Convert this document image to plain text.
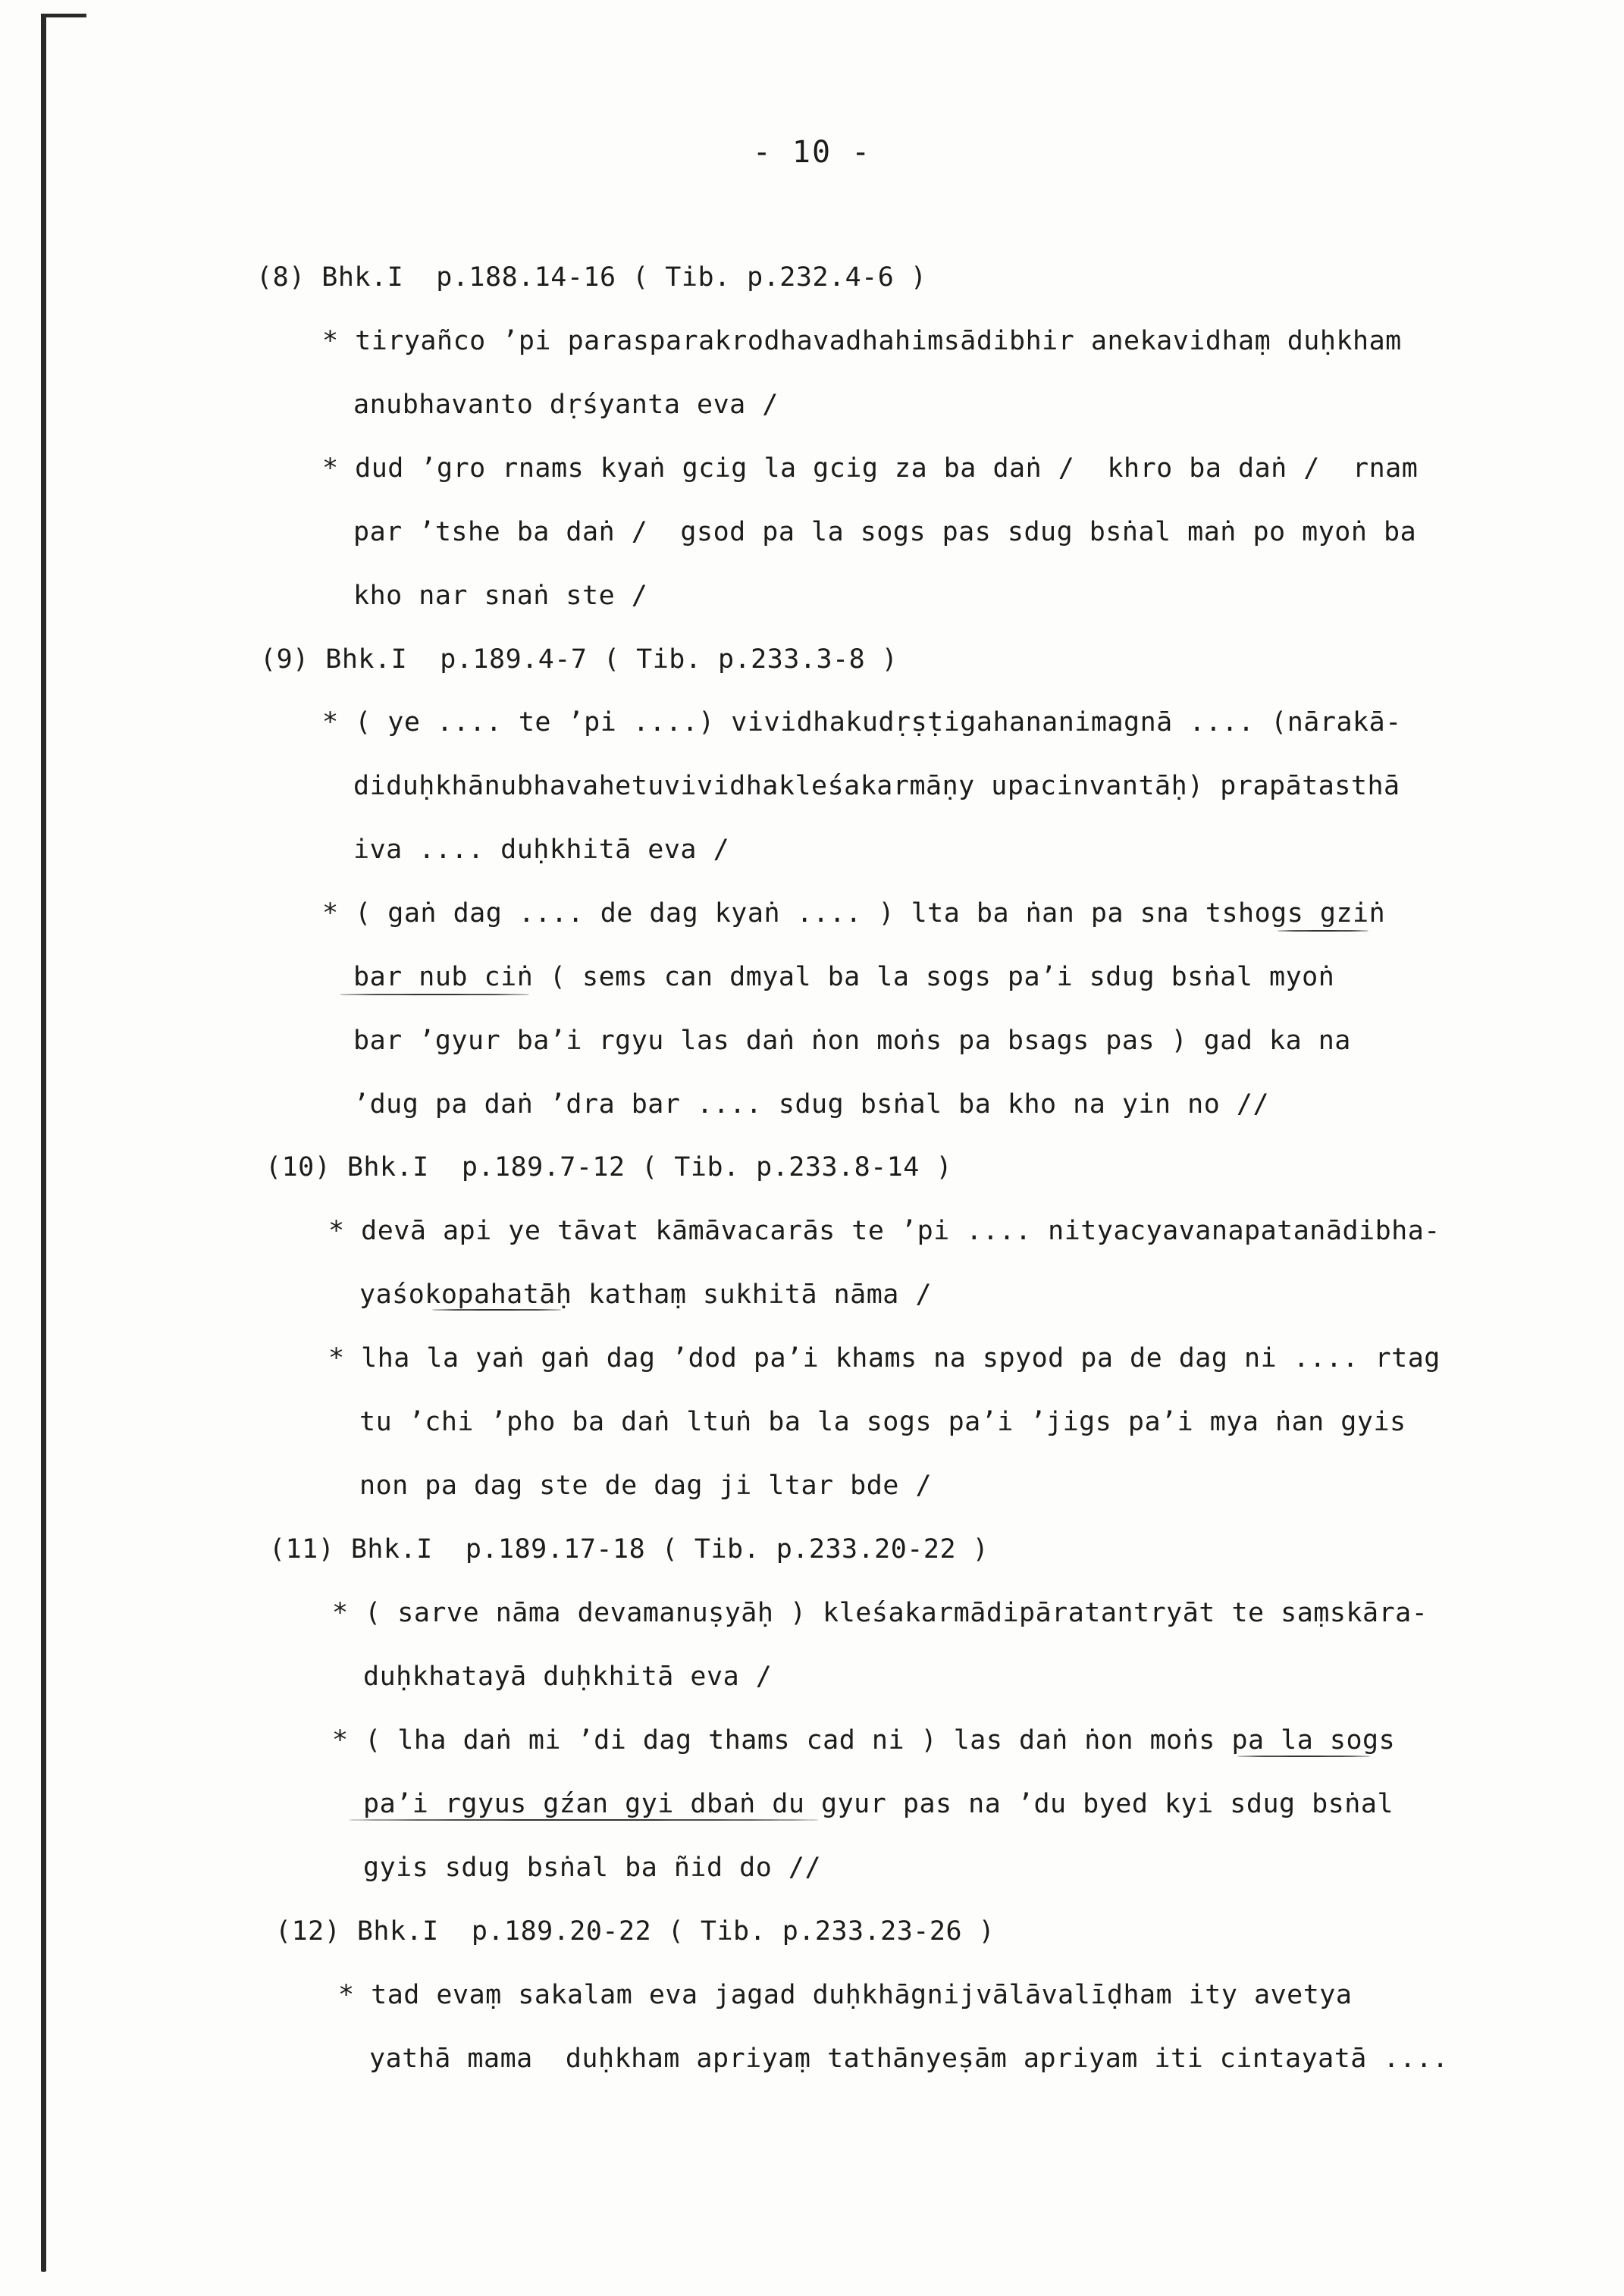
- 10 -
(8) Bhk.I  p.188.14-16 ( Tib. p.232.4-6 )
* tiryañco ʼpi parasparakrodhavadhahimsādibhir anekavidhaṃ duḥkham
anubhavanto dṛśyanta eva /
* dud ʼgro rnams kyaṅ gcig la gcig za ba daṅ /  khro ba daṅ /  rnam
par ʼtshe ba daṅ /  gsod pa la sogs pas sdug bsṅal maṅ po myoṅ ba
kho nar snaṅ ste /
(9) Bhk.I  p.189.4-7 ( Tib. p.233.3-8 )
* ( ye .... te ʼpi ....) vividhakudṛṣṭigahananimagnā .... (nārakā-
diduḥkhānubhavahetuvividhakleśakarmāṇy upacinvantāḥ) prapātasthā
iva .... duḥkhitā eva /
* ( gaṅ dag .... de dag kyaṅ .... ) lta ba ṅan pa sna tshogs gziṅ
bar nub ciṅ ( sems can dmyal ba la sogs paʼi sdug bsṅal myoṅ
bar ʼgyur baʼi rgyu las daṅ ṅon moṅs pa bsags pas ) gad ka na
ʼdug pa daṅ ʼdra bar .... sdug bsṅal ba kho na yin no //
(10) Bhk.I  p.189.7-12 ( Tib. p.233.8-14 )
* devā api ye tāvat kāmāvacarās te ʼpi .... nityacyavanapatanādibha-
yaśokopahatāḥ kathaṃ sukhitā nāma /
* lha la yaṅ gaṅ dag ʼdod paʼi khams na spyod pa de dag ni .... rtag
tu ʼchi ʼpho ba daṅ ltuṅ ba la sogs paʼi ʼjigs paʼi mya ṅan gyis
non pa dag ste de dag ji ltar bde /
(11) Bhk.I  p.189.17-18 ( Tib. p.233.20-22 )
* ( sarve nāma devamanuṣyāḥ ) kleśakarmādipāratantryāt te saṃskāra-
duḥkhatayā duḥkhitā eva /
* ( lha daṅ mi ʼdi dag thams cad ni ) las daṅ ṅon moṅs pa la sogs
paʼi rgyus gźan gyi dbaṅ du gyur pas na ʼdu byed kyi sdug bsṅal
gyis sdug bsṅal ba ñid do //
(12) Bhk.I  p.189.20-22 ( Tib. p.233.23-26 )
* tad evaṃ sakalam eva jagad duḥkhāgnijvālāvalīḍham ity avetya
yathā mama  duḥkham apriyaṃ tathānyeṣām apriyam iti cintayatā ....
